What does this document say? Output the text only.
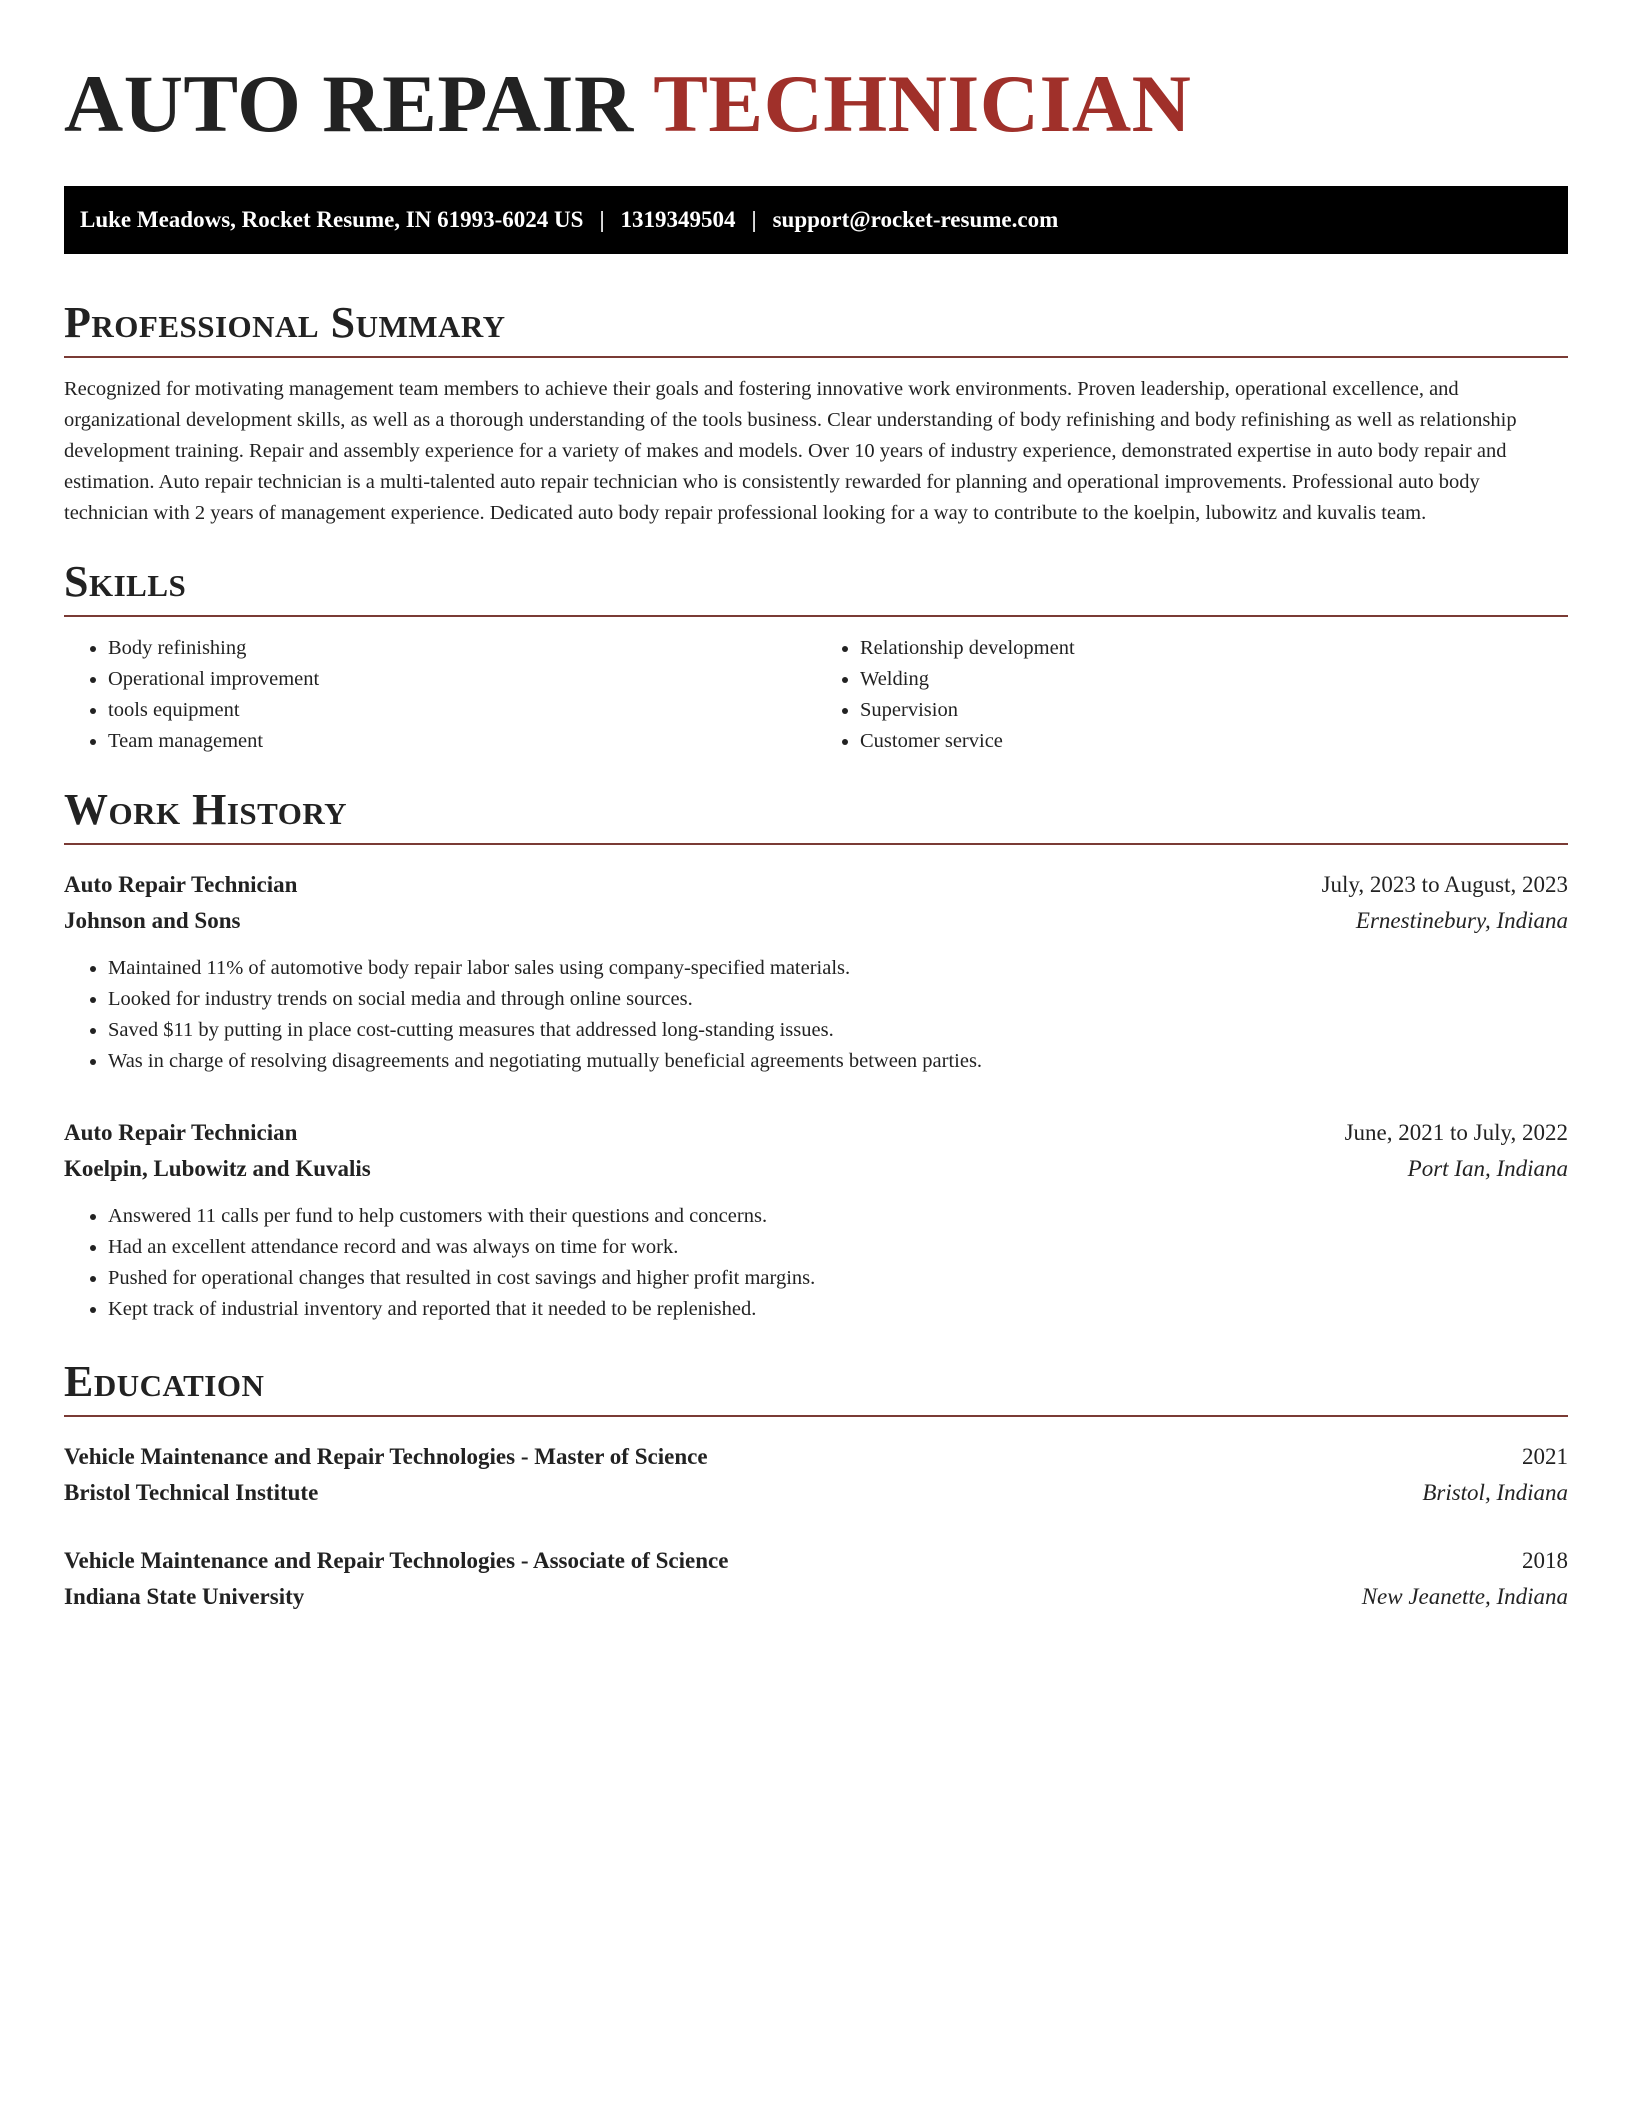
AUTO REPAIR TECHNICIAN
Luke Meadows, Rocket Resume, IN 61993-6024 US | 1319349504 | support@rocket-resume.com
Professional Summary

Recognized for motivating management team members to achieve their goals and fostering innovative work environments. Proven leadership, operational excellence, and organizational development skills, as well as a thorough understanding of the tools business. Clear understanding of body refinishing and body refinishing as well as relationship development training. Repair and assembly experience for a variety of makes and models. Over 10 years of industry experience, demonstrated expertise in auto body repair and estimation. Auto repair technician is a multi-talented auto repair technician who is consistently rewarded for planning and operational improvements. Professional auto body technician with 2 years of management experience. Dedicated auto body repair professional looking for a way to contribute to the koelpin, lubowitz and kuvalis team.

Skills
• Body refinishing
• Operational improvement
• tools equipment
• Team management
• Relationship development
• Welding
• Supervision
• Customer service
Work History
Auto Repair Technician	July, 2023 to August, 2023
Johnson and Sons	Ernestinebury, Indiana
• Maintained 11% of automotive body repair labor sales using company-specified materials.
• Looked for industry trends on social media and through online sources.
• Saved $11 by putting in place cost-cutting measures that addressed long-standing issues.
• Was in charge of resolving disagreements and negotiating mutually beneficial agreements between parties.
Auto Repair Technician	June, 2021 to July, 2022
Koelpin, Lubowitz and Kuvalis	Port Ian, Indiana
• Answered 11 calls per fund to help customers with their questions and concerns.
• Had an excellent attendance record and was always on time for work.
• Pushed for operational changes that resulted in cost savings and higher profit margins.
• Kept track of industrial inventory and reported that it needed to be replenished.
Education
Vehicle Maintenance and Repair Technologies - Master of Science	2021
Bristol Technical Institute	Bristol, Indiana
Vehicle Maintenance and Repair Technologies - Associate of Science	2018
Indiana State University	New Jeanette, Indiana
